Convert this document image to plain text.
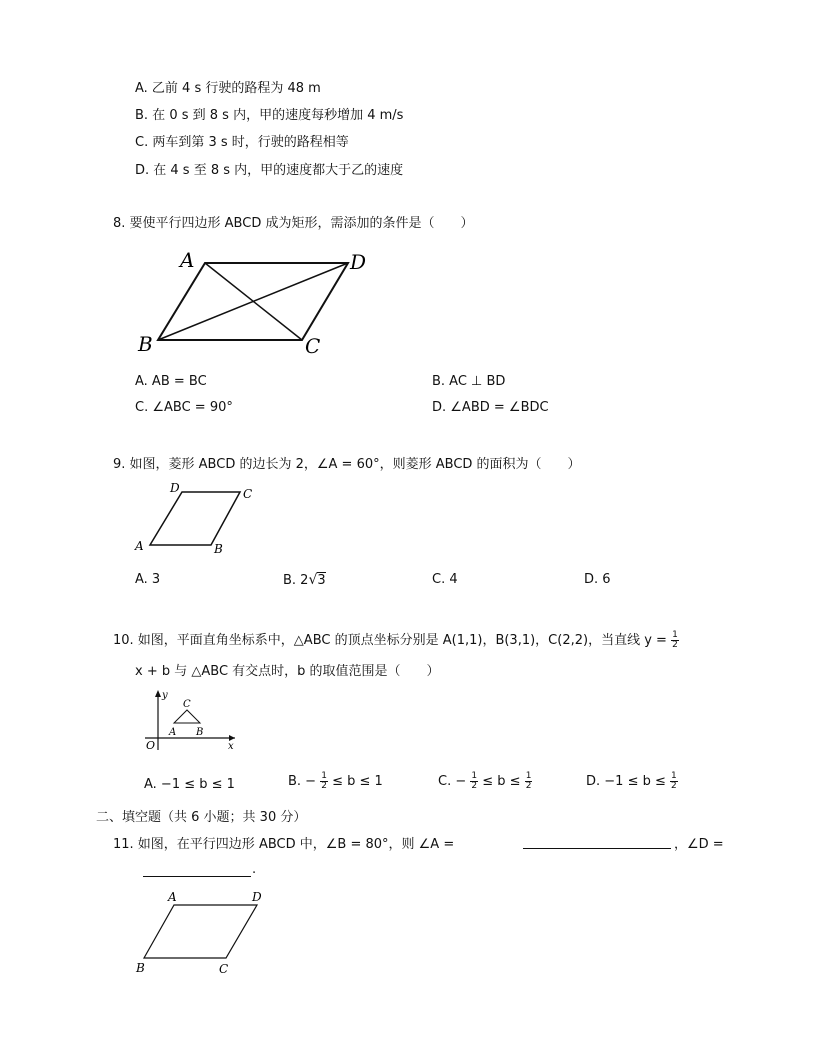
A. 乙前 4 s 行驶的路程为 48 m
B. 在 0 s 到 8 s 内，甲的速度每秒增加 4 m/s
C. 两车到第 3 s 时，行驶的路程相等
D. 在 4 s 至 8 s 内，甲的速度都大于乙的速度
8. 要使平行四边形 ABCD 成为矩形，需添加的条件是（　　）
A	D
B	C
A. AB = BC	B. AC ⊥ BD
C. ∠ABC = 90°	D. ∠ABD = ∠BDC
9. 如图，菱形 ABCD 的边长为 2，∠A = 60°，则菱形 ABCD 的面积为（　　）
D	C
A	B
A. 3	B. 2√3	C. 4	D. 6
10. 如图，平面直角坐标系中，△ABC 的顶点坐标分别是 A(1,1)，B(3,1)，C(2,2)，当直线 $y = \frac{1}{2}$
x + b 与 △ABC 有交点时，b 的取值范围是（　　）
y
x
O
A B
C
A. −1 ≤ b ≤ 1	B. − $\frac{1}{2} \le b \le 1$	C. − $\frac{1}{2} \le b \le \frac{1}{2}$	D. $-1 \le b \le \frac{1}{2}$
二、填空题（共 6 小题；共 30 分）
11. 如图，在平行四边形 ABCD 中，∠B = 80°，则 ∠A =	，∠D =
.
A	D
B	C
